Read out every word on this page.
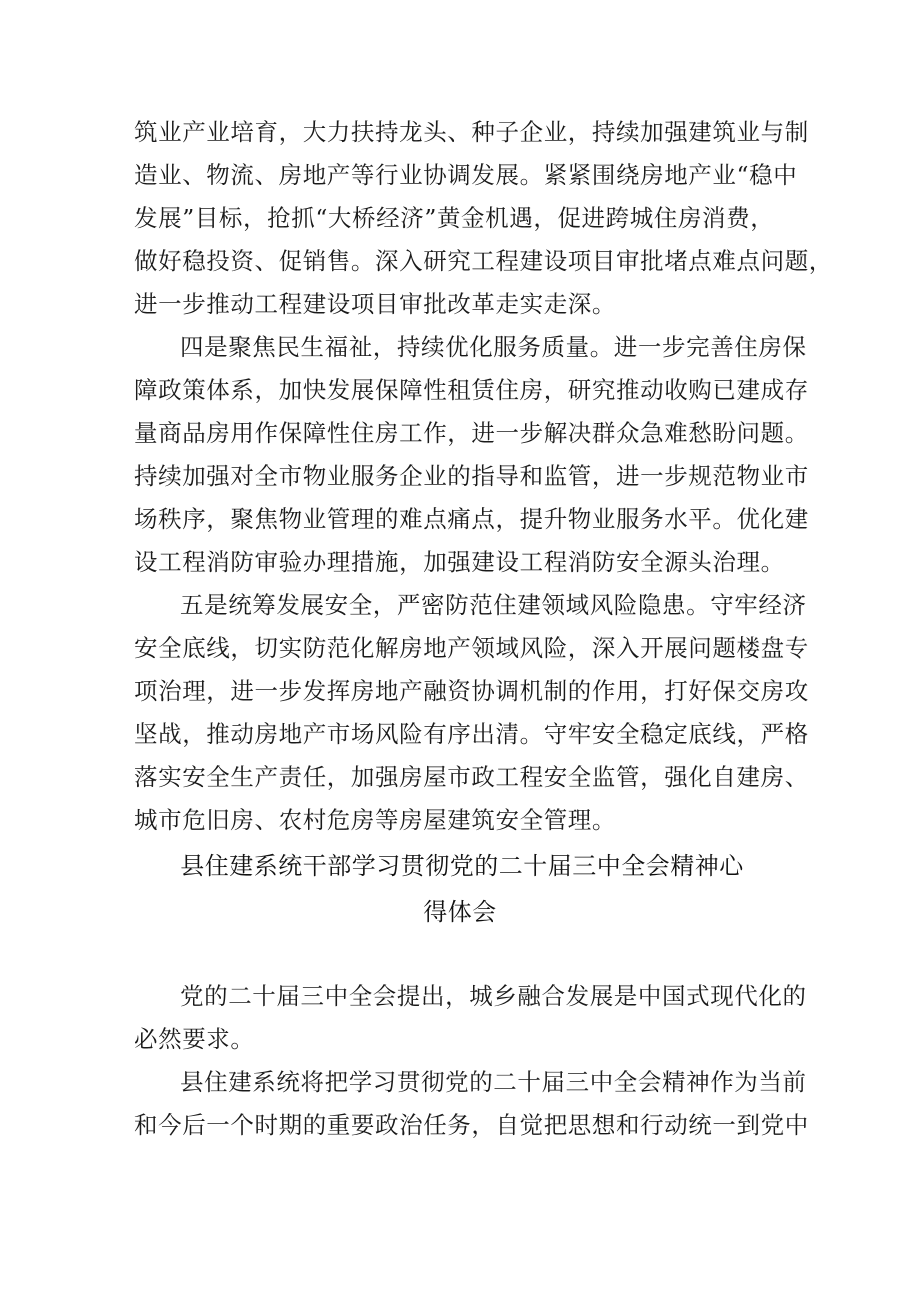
筑业产业培育，大力扶持龙头、种子企业，持续加强建筑业与制
造业、物流、房地产等行业协调发展。紧紧围绕房地产业“稳中
发展”目标，抢抓“大桥经济”黄金机遇，促进跨城住房消费，
做好稳投资、促销售。深入研究工程建设项目审批堵点难点问题，
进一步推动工程建设项目审批改革走实走深。
四是聚焦民生福祉，持续优化服务质量。进一步完善住房保
障政策体系，加快发展保障性租赁住房，研究推动收购已建成存
量商品房用作保障性住房工作，进一步解决群众急难愁盼问题。
持续加强对全市物业服务企业的指导和监管，进一步规范物业市
场秩序，聚焦物业管理的难点痛点，提升物业服务水平。优化建
设工程消防审验办理措施，加强建设工程消防安全源头治理。
五是统筹发展安全，严密防范住建领域风险隐患。守牢经济
安全底线，切实防范化解房地产领域风险，深入开展问题楼盘专
项治理，进一步发挥房地产融资协调机制的作用，打好保交房攻
坚战，推动房地产市场风险有序出清。守牢安全稳定底线，严格
落实安全生产责任，加强房屋市政工程安全监管，强化自建房、
城市危旧房、农村危房等房屋建筑安全管理。
县住建系统干部学习贯彻党的二十届三中全会精神心
得体会
党的二十届三中全会提出，城乡融合发展是中国式现代化的
必然要求。
县住建系统将把学习贯彻党的二十届三中全会精神作为当前
和今后一个时期的重要政治任务，自觉把思想和行动统一到党中
